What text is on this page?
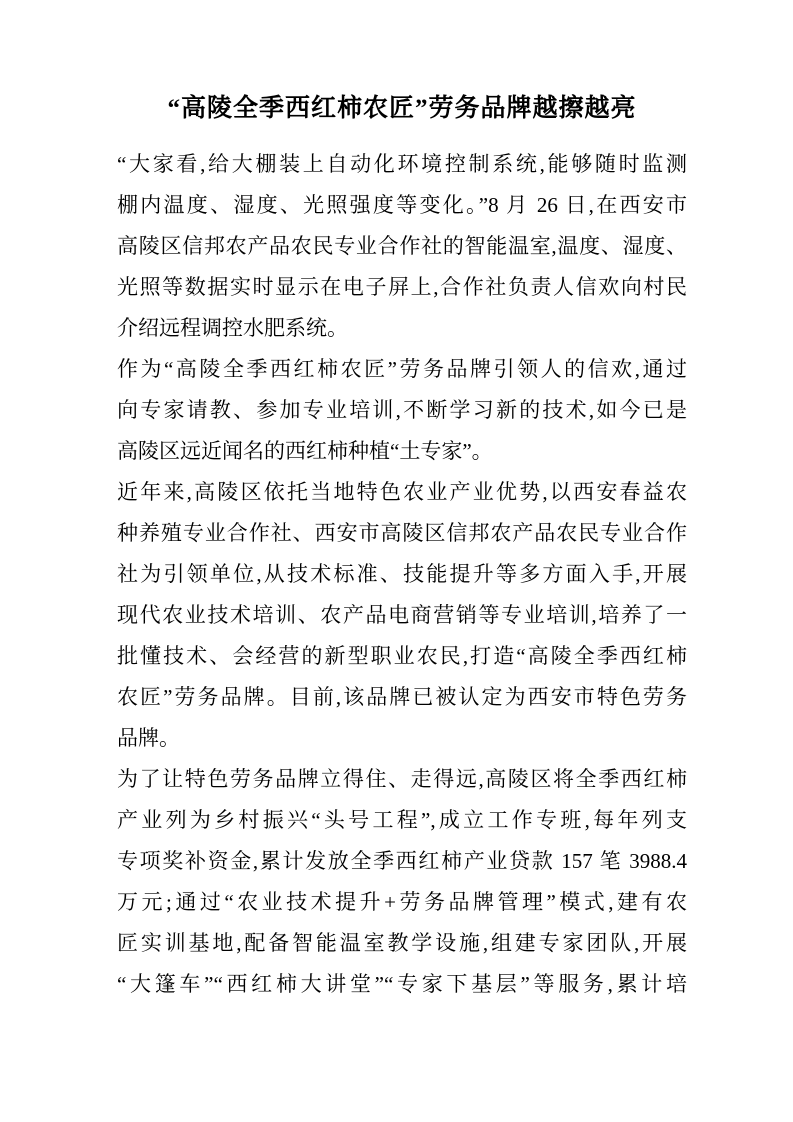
“高陵全季西红柿农匠”劳务品牌越擦越亮
“大家看,给大棚装上自动化环境控制系统,能够随时监测
棚内温度、湿度、光照强度等变化。”8 月 26 日,在西安市
高陵区信邦农产品农民专业合作社的智能温室,温度、湿度、
光照等数据实时显示在电子屏上,合作社负责人信欢向村民
介绍远程调控水肥系统。
作为“高陵全季西红柿农匠”劳务品牌引领人的信欢,通过
向专家请教、参加专业培训,不断学习新的技术,如今已是
高陵区远近闻名的西红柿种植“土专家”。
近年来,高陵区依托当地特色农业产业优势,以西安春益农
种养殖专业合作社、西安市高陵区信邦农产品农民专业合作
社为引领单位,从技术标准、技能提升等多方面入手,开展
现代农业技术培训、农产品电商营销等专业培训,培养了一
批懂技术、会经营的新型职业农民,打造“高陵全季西红柿
农匠”劳务品牌。目前,该品牌已被认定为西安市特色劳务
品牌。
为了让特色劳务品牌立得住、走得远,高陵区将全季西红柿
产业列为乡村振兴“头号工程”,成立工作专班,每年列支
专项奖补资金,累计发放全季西红柿产业贷款 157 笔 3988.4
万元;通过“农业技术提升+劳务品牌管理”模式,建有农
匠实训基地,配备智能温室教学设施,组建专家团队,开展
“大篷车”“西红柿大讲堂”“专家下基层”等服务,累计培
